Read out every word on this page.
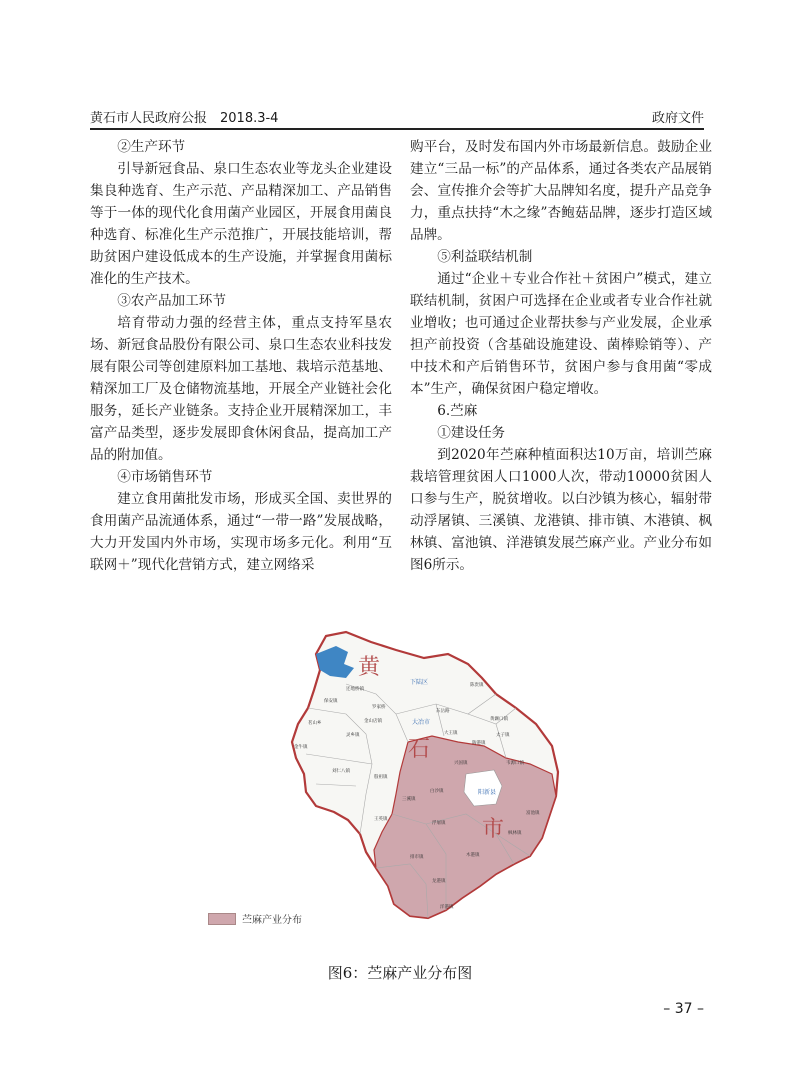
黄石市人民政府公报　2018.3-4	政府文件

②生产环节

引导新冠食品、泉口生态农业等龙头企业建设集良种选育、生产示范、产品精深加工、产品销售等于一体的现代化食用菌产业园区，开展食用菌良种选育、标准化生产示范推广，开展技能培训，帮助贫困户建设低成本的生产设施，并掌握食用菌标准化的生产技术。

③农产品加工环节

培育带动力强的经营主体，重点支持军垦农场、新冠食品股份有限公司、泉口生态农业科技发展有限公司等创建原料加工基地、栽培示范基地、精深加工厂及仓储物流基地，开展全产业链社会化服务，延长产业链条。支持企业开展精深加工，丰富产品类型，逐步发展即食休闲食品，提高加工产品的附加值。

④市场销售环节

建立食用菌批发市场，形成买全国、卖世界的食用菌产品流通体系，通过“一带一路”发展战略，大力开发国内外市场，实现市场多元化。利用“互联网＋”现代化营销方式，建立网络采

购平台，及时发布国内外市场最新信息。鼓励企业建立“三品一标”的产品体系，通过各类农产品展销会、宣传推介会等扩大品牌知名度，提升产品竞争力，重点扶持“木之缘”杏鲍菇品牌，逐步打造区域品牌。

⑤利益联结机制

通过“企业＋专业合作社＋贫困户”模式，建立联结机制，贫困户可选择在企业或者专业合作社就业增收；也可通过企业帮扶参与产业发展，企业承担产前投资（含基础设施建设、菌棒赊销等）、产中技术和产后销售环节，贫困户参与食用菌“零成本”生产，确保贫困户稳定增收。

6.苎麻

①建设任务

到2020年苎麻种植面积达10万亩，培训苎麻栽培管理贫困人口1000人次，带动10000贫困人口参与生产，脱贫增收。以白沙镇为核心，辐射带动浮屠镇、三溪镇、龙港镇、排市镇、木港镇、枫林镇、富池镇、洋港镇发展苎麻产业。产业分布如图6所示。

黄
石
市
下陆区
大冶市
阳新县
还地桥镇
保安镇
罗家桥
金山店镇
灵乡镇
金牛镇
刘仁八镇
殷祖镇
茗山乡
三溪镇
王英镇
排市镇	木港镇
龙港镇
洋港镇
浮屠镇
白沙镇
兴国镇
枫林镇
富池镇
陶港镇
黄颡口镇
大王镇	太子镇
韦源口镇
陈贵镇
东岳路
苎麻产业分布
图6：苎麻产业分布图
– 37 –
